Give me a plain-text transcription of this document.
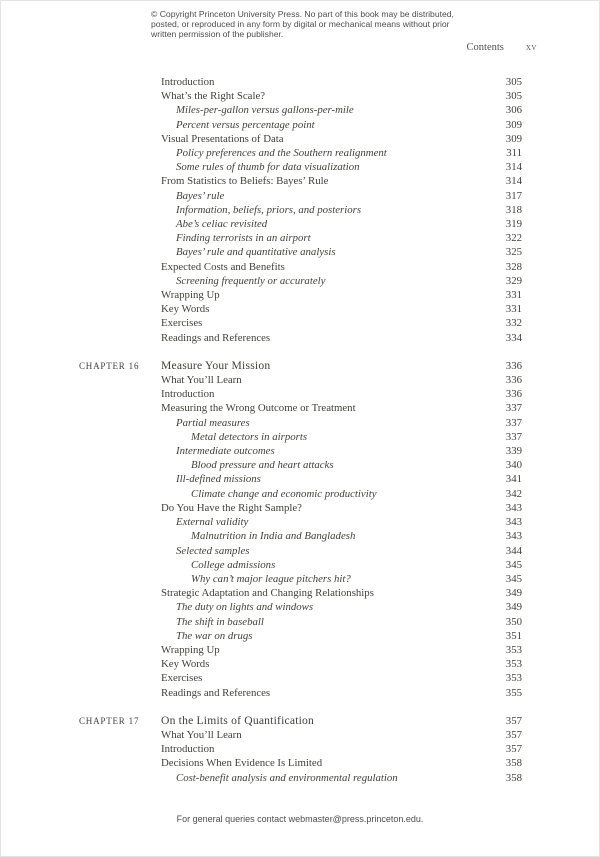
© Copyright Princeton University Press. No part of this book may be distributed, posted, or reproduced in any form by digital or mechanical means without prior written permission of the publisher.
Contents xv
Introduction	305
What’s the Right Scale?	305
Miles-per-gallon versus gallons-per-mile	306
Percent versus percentage point	309
Visual Presentations of Data	309
Policy preferences and the Southern realignment	311
Some rules of thumb for data visualization	314
From Statistics to Beliefs: Bayes’ Rule	314
Bayes’ rule	317
Information, beliefs, priors, and posteriors	318
Abe’s celiac revisited	319
Finding terrorists in an airport	322
Bayes’ rule and quantitative analysis	325
Expected Costs and Benefits	328
Screening frequently or accurately	329
Wrapping Up	331
Key Words	331
Exercises	332
Readings and References	334
CHAPTER 16	Measure Your Mission	336
What You’ll Learn	336
Introduction	336
Measuring the Wrong Outcome or Treatment	337
Partial measures	337
Metal detectors in airports	337
Intermediate outcomes	339
Blood pressure and heart attacks	340
Ill-defined missions	341
Climate change and economic productivity	342
Do You Have the Right Sample?	343
External validity	343
Malnutrition in India and Bangladesh	343
Selected samples	344
College admissions	345
Why can’t major league pitchers hit?	345
Strategic Adaptation and Changing Relationships	349
The duty on lights and windows	349
The shift in baseball	350
The war on drugs	351
Wrapping Up	353
Key Words	353
Exercises	353
Readings and References	355
CHAPTER 17	On the Limits of Quantification	357
What You’ll Learn	357
Introduction	357
Decisions When Evidence Is Limited	358
Cost-benefit analysis and environmental regulation	358
For general queries contact webmaster@press.princeton.edu.
